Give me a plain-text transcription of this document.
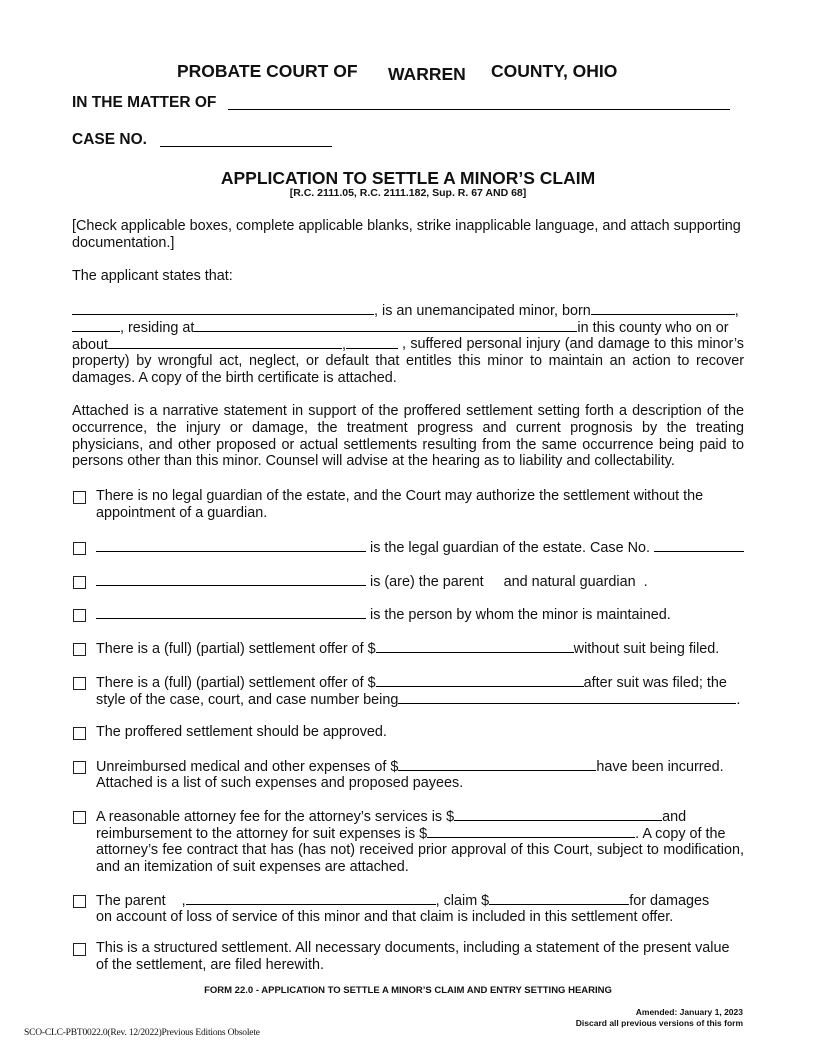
PROBATE COURT OF WARREN COUNTY, OHIO
IN THE MATTER OF
CASE NO.
APPLICATION TO SETTLE A MINOR’S CLAIM
[R.C. 2111.05, R.C. 2111.182, Sup. R. 67 AND 68]
[Check applicable boxes, complete applicable blanks, strike inapplicable language, and attach supporting documentation.]
The applicant states that:
, is an unemancipated minor, born	,
, residing at	in this county who on or
about	,	, suffered personal injury (and damage to this minor’s property) by wrongful act, neglect, or default that entitles this minor to maintain an action to recover damages. A copy of the birth certificate is attached.
Attached is a narrative statement in support of the proffered settlement setting forth a description of the occurrence, the injury or damage, the treatment progress and current prognosis by the treating physicians, and other proposed or actual settlements resulting from the same occurrence being paid to persons other than this minor. Counsel will advise at the hearing as to liability and collectability.
There is no legal guardian of the estate, and the Court may authorize the settlement without the appointment of a guardian.
is the legal guardian of the estate. Case No.
is (are) the parent and natural guardian .
is the person by whom the minor is maintained.
There is a (full) (partial) settlement offer of $	without suit being filed.
There is a (full) (partial) settlement offer of $	after suit was filed; the
style of the case, court, and case number being	.
The proffered settlement should be approved.
Unreimbursed medical and other expenses of $	have been incurred.
Attached is a list of such expenses and proposed payees.
A reasonable attorney fee for the attorney’s services is $	and
reimbursement to the attorney for suit expenses is $	. A copy of the
attorney’s fee contract that has (has not) received prior approval of this Court, subject to modification, and an itemization of suit expenses are attached.
The parent ,	, claim $	for damages
on account of loss of service of this minor and that claim is included in this settlement offer.
This is a structured settlement. All necessary documents, including a statement of the present value of the settlement, are filed herewith.
FORM 22.0 - APPLICATION TO SETTLE A MINOR’S CLAIM AND ENTRY SETTING HEARING
Amended: January 1, 2023
Discard all previous versions of this form
SCO-CLC-PBT0022.0(Rev. 12/2022)Previous Editions Obsolete
